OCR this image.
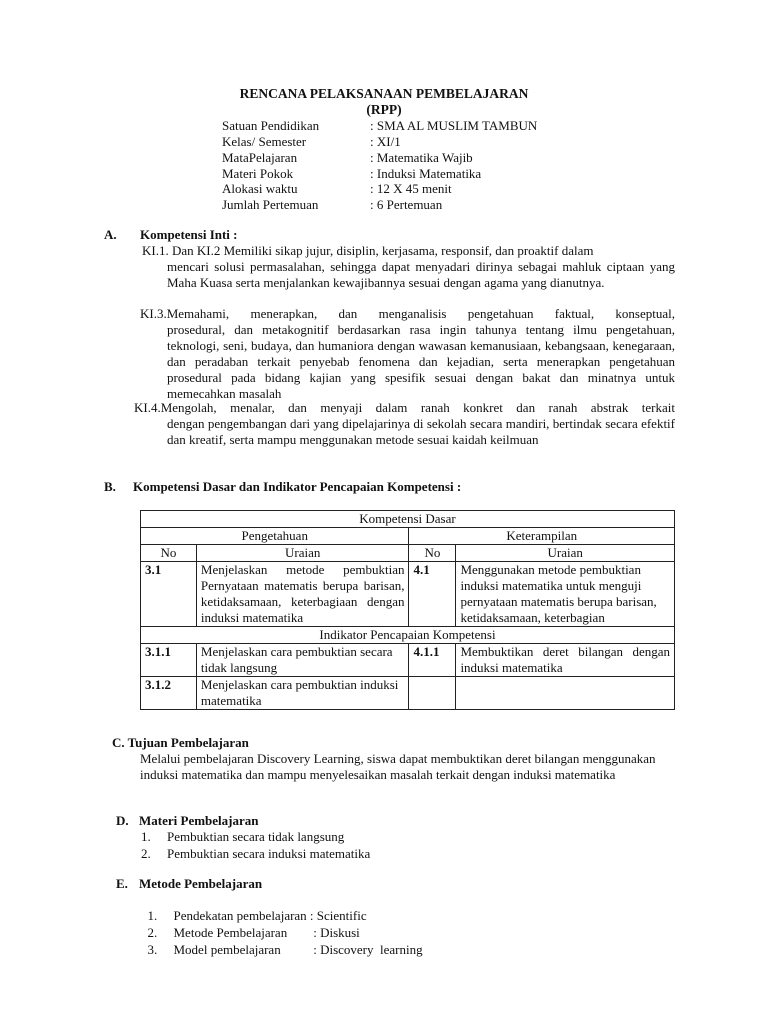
RENCANA PELAKSANAAN PEMBELAJARAN
(RPP)
Satuan Pendidikan	: SMA AL MUSLIM TAMBUN
Kelas/ Semester	: XI/1
MataPelajaran	: Matematika Wajib
Materi Pokok	: Induksi Matematika
Alokasi waktu	: 12 X 45 menit
Jumlah Pertemuan	: 6 Pertemuan
A. Kompetensi Inti :
KI.1. Dan KI.2 Memiliki sikap jujur, disiplin, kerjasama, responsif, dan proaktif dalam
mencari solusi permasalahan, sehingga dapat menyadari dirinya sebagai mahluk ciptaan yang Maha Kuasa serta menjalankan kewajibannya sesuai dengan agama yang dianutnya.
KI.3.Memahami, menerapkan, dan menganalisis pengetahuan faktual, konseptual,
prosedural, dan metakognitif berdasarkan rasa ingin tahunya tentang ilmu pengetahuan, teknologi, seni, budaya, dan humaniora dengan wawasan kemanusiaan, kebangsaan, kenegaraan, dan peradaban terkait penyebab fenomena dan kejadian, serta menerapkan pengetahuan prosedural pada bidang kajian yang spesifik sesuai dengan bakat dan minatnya untuk memecahkan masalah
KI.4.Mengolah, menalar, dan menyaji dalam ranah konkret dan ranah abstrak terkait
dengan pengembangan dari yang dipelajarinya di sekolah secara mandiri, bertindak secara efektif dan kreatif, serta mampu menggunakan metode sesuai kaidah keilmuan
B. Kompetensi Dasar dan Indikator Pencapaian Kompetensi :
Kompetensi Dasar			
Pengetahuan		Keterampilan	
No	Uraian	No	Uraian
3.1	Menjelaskan metode pembuktian Pernyataan matematis berupa barisan, ketidaksamaan, keterbagiaan dengan induksi matematika	4.1	Menggunakan metode pembuktian induksi matematika untuk menguji pernyataan matematis berupa barisan, ketidaksamaan, keterbagian
Indikator Pencapaian Kompetensi			
3.1.1	Menjelaskan cara pembuktian secara tidak langsung	4.1.1	Membuktikan deret bilangan dengan induksi matematika
3.1.2	Menjelaskan cara pembuktian induksi matematika		
C. Tujuan Pembelajaran
Melalui pembelajaran Discovery Learning, siswa dapat membuktikan deret bilangan menggunakan induksi matematika dan mampu menyelesaikan masalah terkait dengan induksi matematika
D. Materi Pembelajaran
1. Pembuktian secara tidak langsung
2. Pembuktian secara induksi matematika
E. Metode Pembelajaran

1. Pendekatan pembelajaran : Scientific

2. Metode Pembelajaran        : Diskusi

3. Model pembelajaran          : Discovery  learning
